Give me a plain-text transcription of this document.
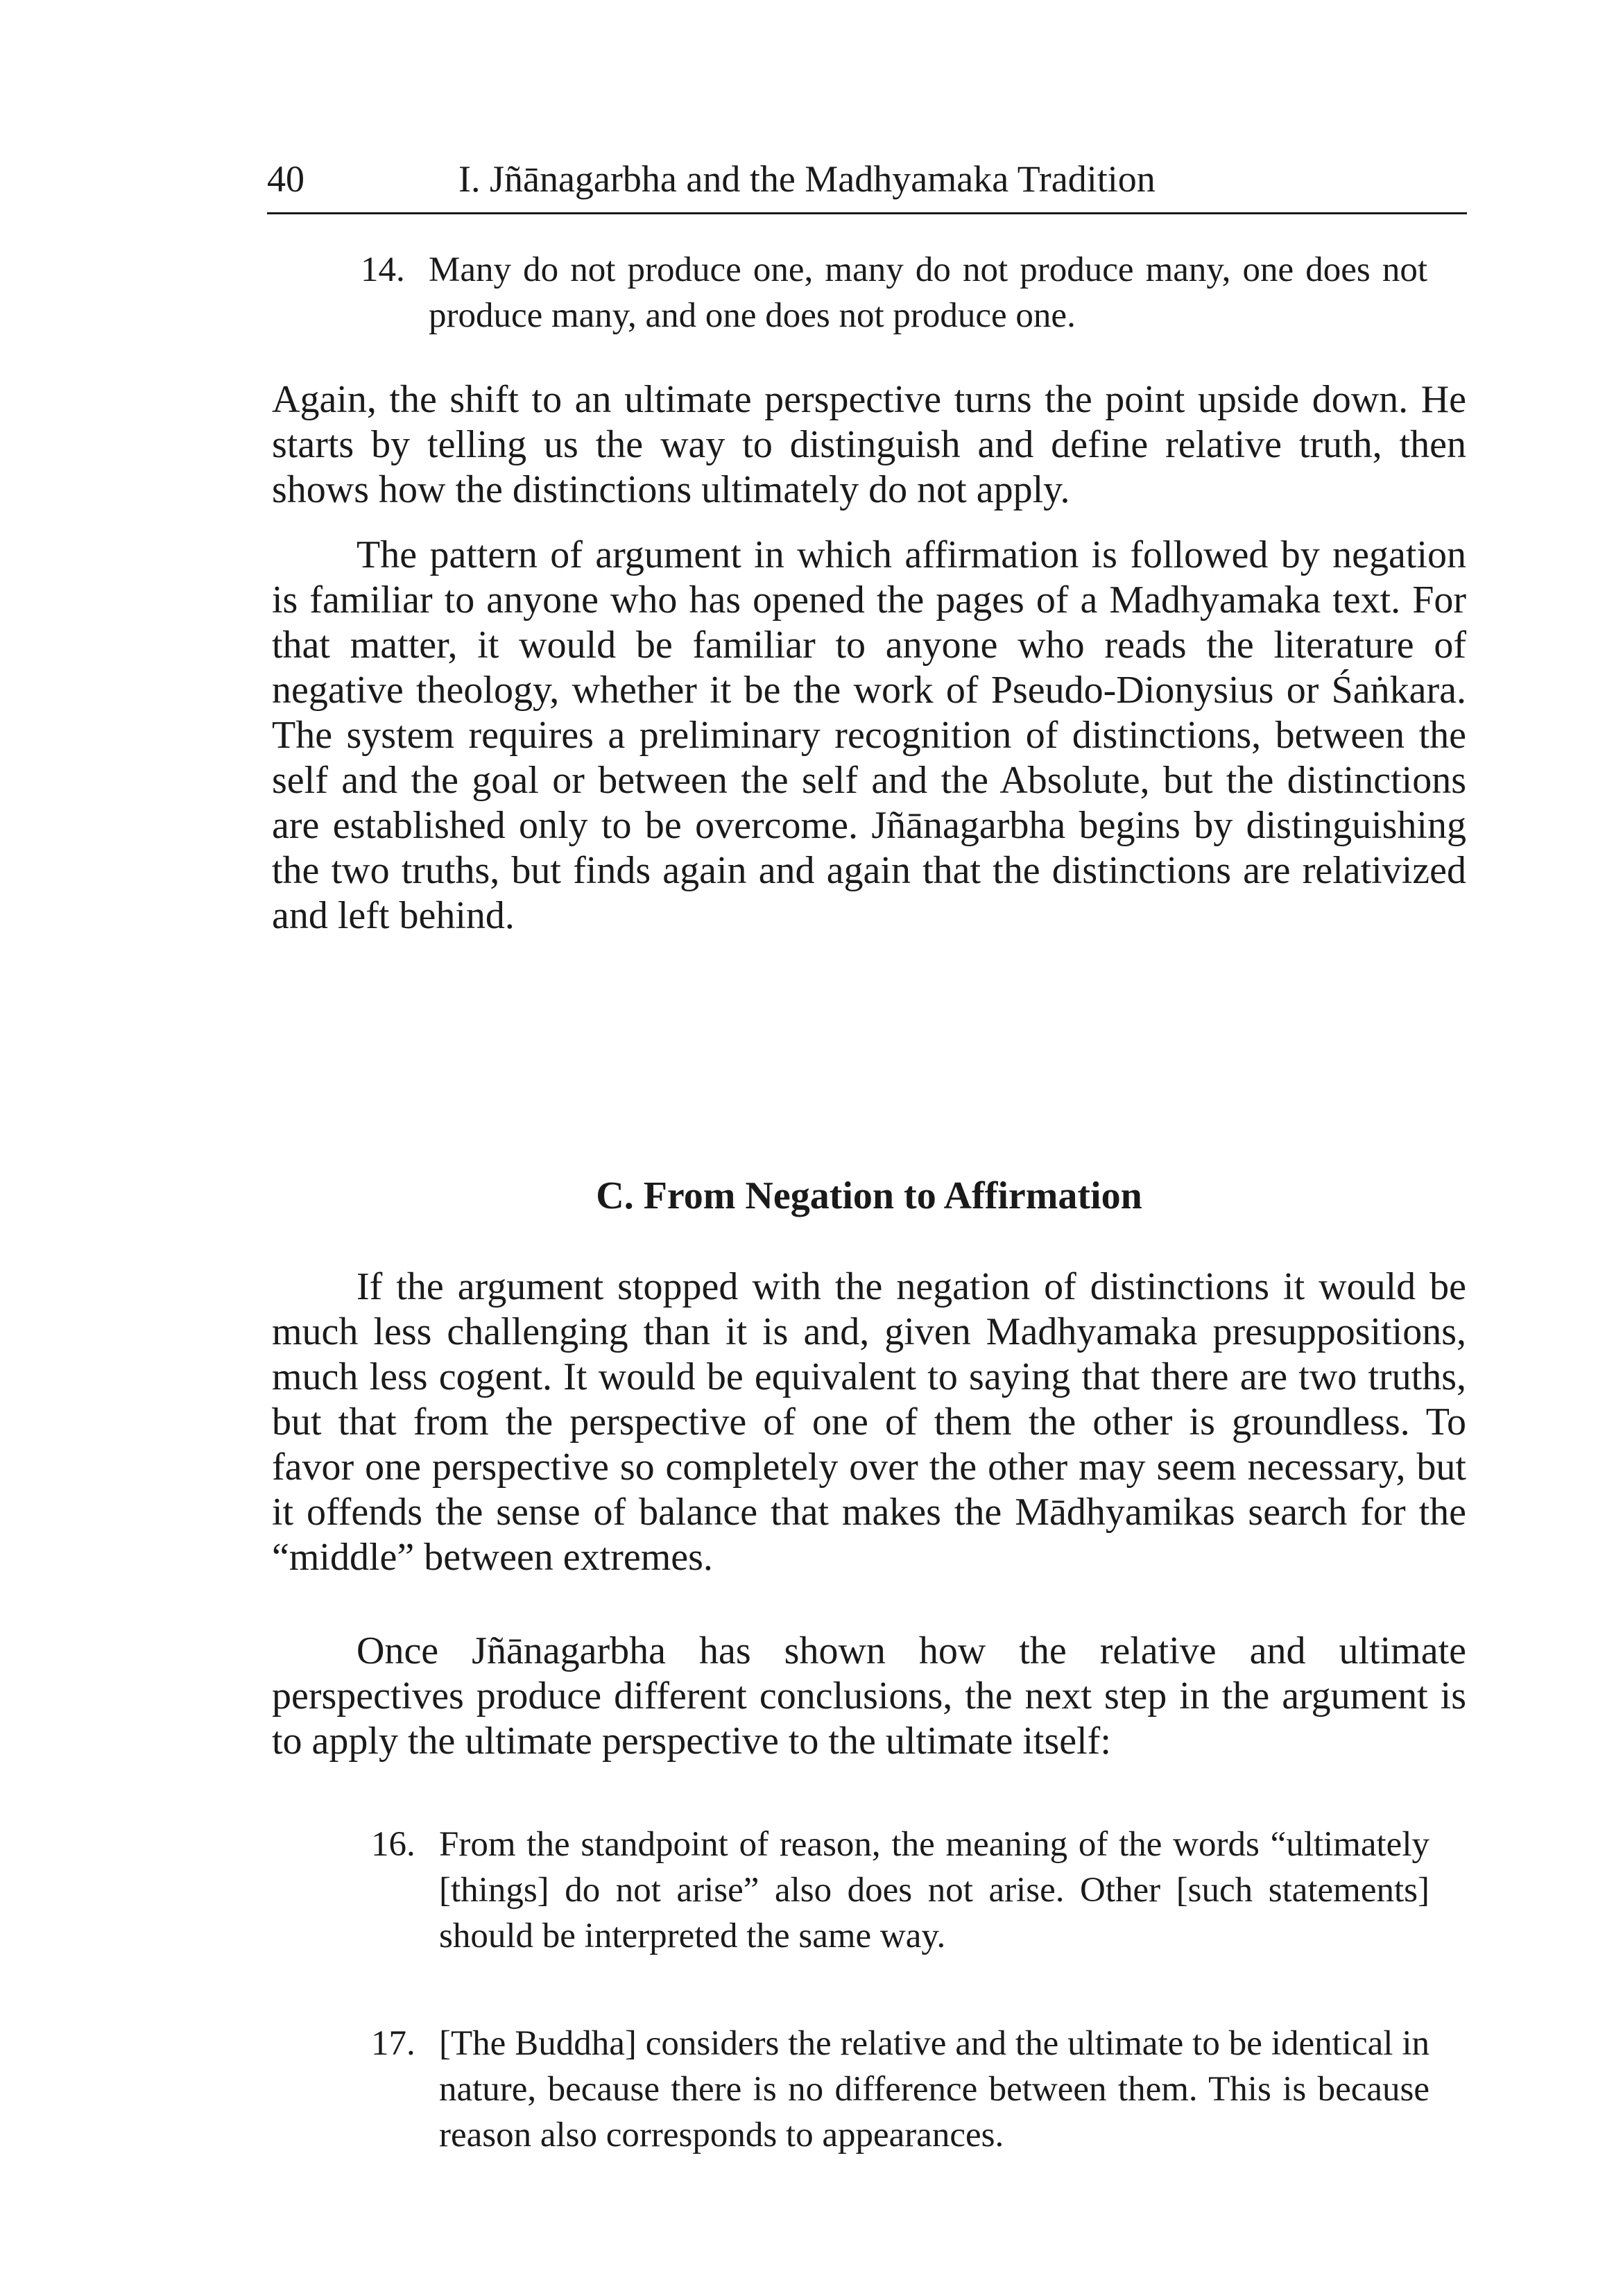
40	I. Jñānagarbha and the Madhyamaka Tradition
14. Many do not produce one, many do not produce many, one does not produce many, and one does not produce one.

Again, the shift to an ultimate perspective turns the point upside down. He starts by telling us the way to distinguish and define relative truth, then shows how the distinctions ultimately do not apply.

The pattern of argument in which affirmation is followed by negation is familiar to anyone who has opened the pages of a Madhyamaka text. For that matter, it would be familiar to anyone who reads the literature of negative theology, whether it be the work of Pseudo-Dionysius or Śaṅkara. The system requires a preliminary recognition of distinctions, between the self and the goal or between the self and the Absolute, but the distinctions are established only to be overcome. Jñānagarbha begins by distinguishing the two truths, but finds again and again that the distinctions are relativized and left behind.

C. From Negation to Affirmation

If the argument stopped with the negation of distinctions it would be much less challenging than it is and, given Madhyamaka presuppositions, much less cogent. It would be equivalent to saying that there are two truths, but that from the perspective of one of them the other is groundless. To favor one perspective so completely over the other may seem necessary, but it offends the sense of balance that makes the Mādhyamikas search for the “middle” between extremes.

Once Jñānagarbha has shown how the relative and ultimate perspectives produce different conclusions, the next step in the argument is to apply the ultimate perspective to the ultimate itself:

16. From the standpoint of reason, the meaning of the words “ultimately [things] do not arise” also does not arise. Other [such statements] should be interpreted the same way.
17. [The Buddha] considers the relative and the ultimate to be identical in nature, because there is no difference between them. This is because reason also corresponds to appearances.
